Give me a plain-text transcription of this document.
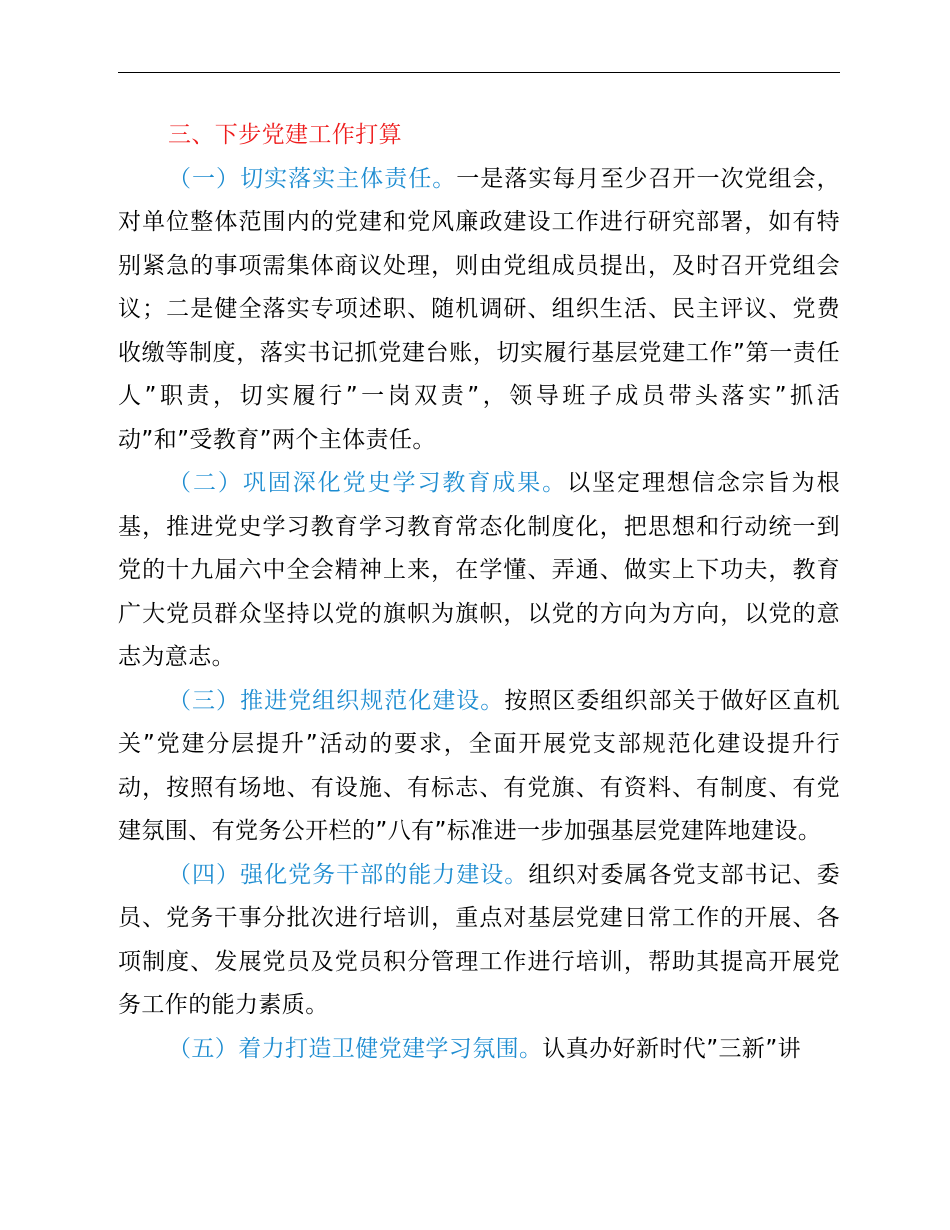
三、下步党建工作打算

（一）切实落实主体责任。一是落实每月至少召开一次党组会，对单位整体范围内的党建和党风廉政建设工作进行研究部署，如有特别紧急的事项需集体商议处理，则由党组成员提出，及时召开党组会议；二是健全落实专项述职、随机调研、组织生活、民主评议、党费收缴等制度，落实书记抓党建台账，切实履行基层党建工作”第一责任人”职责，切实履行”一岗双责”，领导班子成员带头落实”抓活动”和”受教育”两个主体责任。

（二）巩固深化党史学习教育成果。以坚定理想信念宗旨为根基，推进党史学习教育学习教育常态化制度化，把思想和行动统一到党的十九届六中全会精神上来，在学懂、弄通、做实上下功夫，教育广大党员群众坚持以党的旗帜为旗帜，以党的方向为方向，以党的意志为意志。

（三）推进党组织规范化建设。按照区委组织部关于做好区直机关”党建分层提升”活动的要求，全面开展党支部规范化建设提升行动，按照有场地、有设施、有标志、有党旗、有资料、有制度、有党建氛围、有党务公开栏的”八有”标准进一步加强基层党建阵地建设。

（四）强化党务干部的能力建设。组织对委属各党支部书记、委员、党务干事分批次进行培训，重点对基层党建日常工作的开展、各项制度、发展党员及党员积分管理工作进行培训，帮助其提高开展党务工作的能力素质。

（五）着力打造卫健党建学习氛围。认真办好新时代”三新”讲
